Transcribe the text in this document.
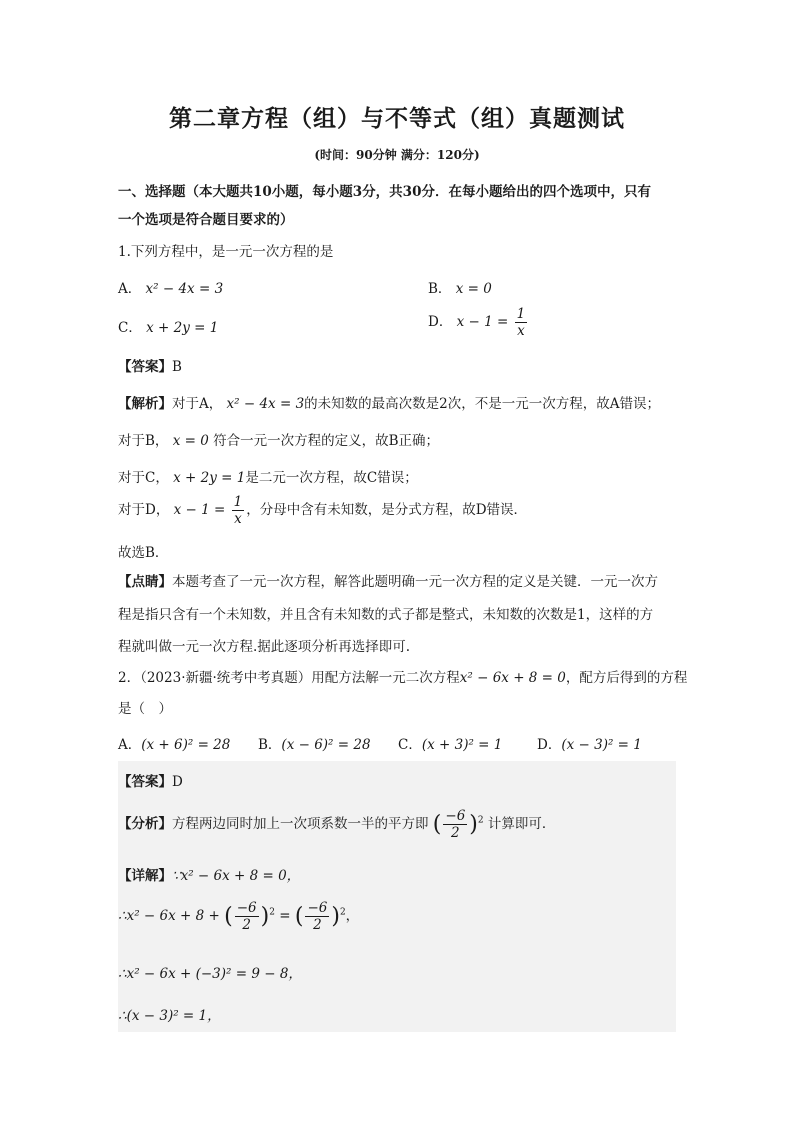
第二章方程（组）与不等式（组）真题测试
(时间：90分钟 满分：120分)
一、选择题（本大题共10小题，每小题3分，共30分．在每小题给出的四个选项中，只有
一个选项是符合题目要求的）
1.下列方程中，是一元一次方程的是
A． x² − 4x = 3	B． x = 0
C． x + 2y = 1	D． $x - 1 = \frac{1}{x}$
【答案】B
【解析】对于A， x² − 4x = 3的未知数的最高次数是2次，不是一元一次方程，故A错误；
对于B， x = 0 符合一元一次方程的定义，故B正确；
对于C， x + 2y = 1是二元一次方程，故C错误；
对于D， $x - 1 = \frac{1}{x}$ ，分母中含有未知数，是分式方程，故D错误．
故选B．
【点睛】本题考查了一元一次方程，解答此题明确一元一次方程的定义是关键．一元一次方
程是指只含有一个未知数，并且含有未知数的式子都是整式，未知数的次数是1，这样的方
程就叫做一元一次方程.据此逐项分析再选择即可.
2．（2023·新疆·统考中考真题）用配方法解一元二次方程x² − 6x + 8 = 0，配方后得到的方程
是（　）
A．(x + 6)² = 28 B．(x − 6)² = 28 C．(x + 3)² = 1	D．(x − 3)² = 1
【答案】D
【分析】方程两边同时加上一次项系数一半的平方即 ( $\frac{-6}{2} )^2$ 计算即可．
【详解】∵x² − 6x + 8 = 0，
∴x² − 6x + 8 + ( $\frac{-6}{2} )^2$ = ( $\frac{-6}{2} )^2$，
∴x² − 6x + (−3)² = 9 − 8，
∴(x − 3)² = 1，
